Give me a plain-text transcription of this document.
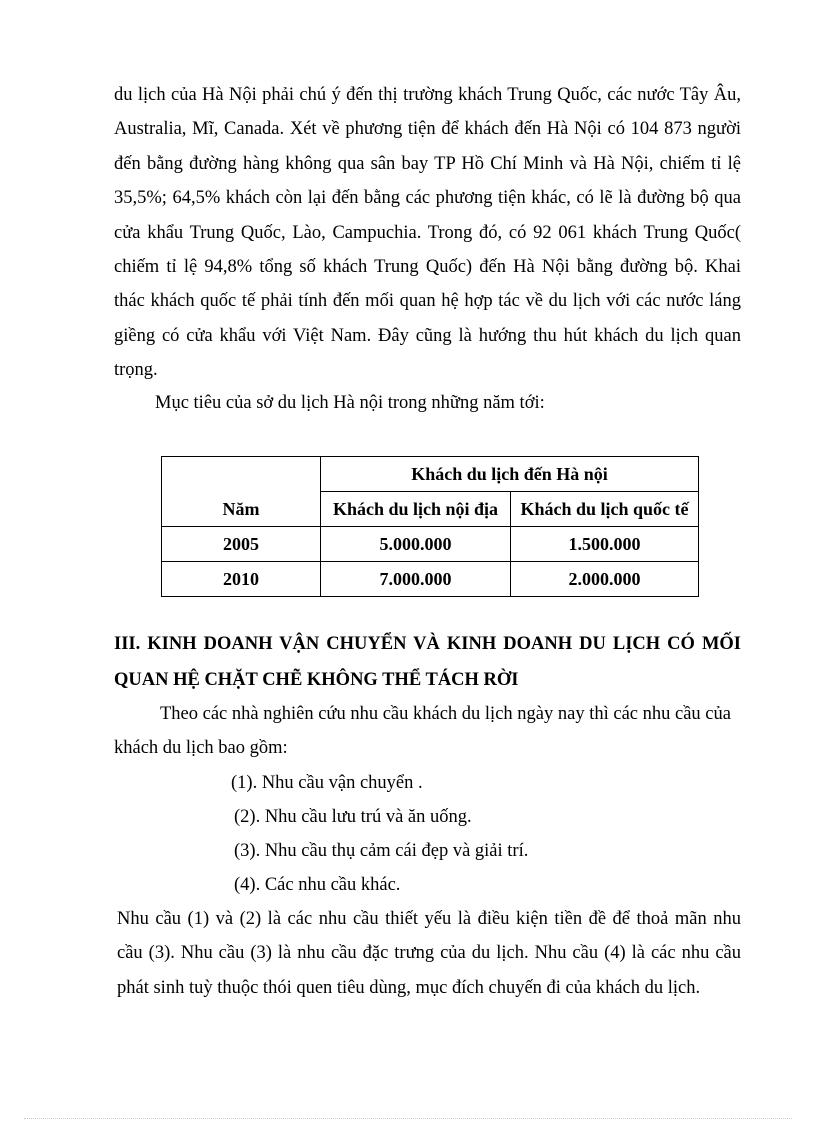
du lịch của Hà Nội phải chú ý đến thị trường khách Trung Quốc, các nước Tây Âu,
Australia, Mĩ, Canada. Xét về phương tiện để khách đến Hà Nội có 104 873 người
đến bằng đường hàng không qua sân bay TP Hồ Chí Minh và Hà Nội, chiếm tỉ lệ
35,5%; 64,5% khách còn lại đến bằng các phương tiện khác, có lẽ là đường bộ qua
cửa khẩu Trung Quốc, Lào, Campuchia. Trong đó, có 92 061 khách Trung Quốc(
chiếm tỉ lệ 94,8% tổng số khách Trung Quốc) đến Hà Nội bằng đường bộ. Khai
thác khách quốc tế phải tính đến mối quan hệ hợp tác về du lịch với các nước láng
giềng có cửa khẩu với Việt Nam. Đây cũng là hướng thu hút khách du lịch quan
trọng.

Mục tiêu của sở du lịch Hà nội trong những năm tới:

Năm	Khách du lịch đến Hà nội	
	Khách du lịch nội địa	Khách du lịch quốc tế
2005	5.000.000	1.500.000
2010	7.000.000	2.000.000
III. KINH DOANH VẬN CHUYỂN VÀ KINH DOANH DU LỊCH CÓ MỐI
QUAN HỆ CHẶT CHẼ KHÔNG THỂ TÁCH RỜI
Theo các nhà nghiên cứu nhu cầu khách du lịch ngày nay thì các nhu cầu của
khách du lịch bao gồm:

(1). Nhu cầu vận chuyển .

(2). Nhu cầu lưu trú và ăn uống.

(3). Nhu cầu thụ cảm cái đẹp và giải trí.

(4). Các nhu cầu khác.

Nhu cầu (1) và (2) là các nhu cầu thiết yếu là điều kiện tiền đề để thoả mãn nhu
cầu (3). Nhu cầu (3) là nhu cầu đặc trưng của du lịch. Nhu cầu (4) là các nhu cầu
phát sinh tuỳ thuộc thói quen tiêu dùng, mục đích chuyến đi của khách du lịch.
